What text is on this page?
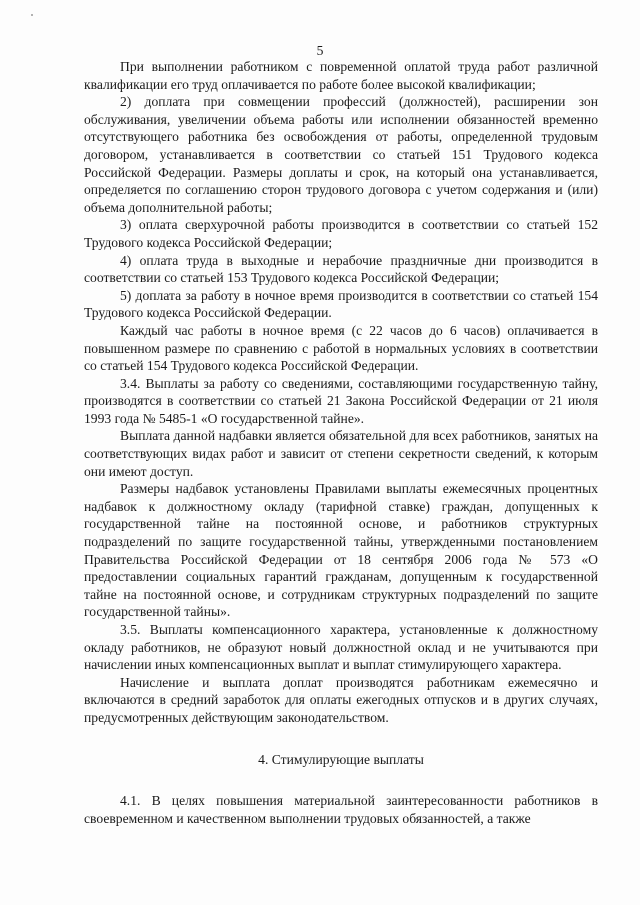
5

При выполнении работником с повременной оплатой труда работ различной квалификации его труд оплачивается по работе более высокой квалификации;

2) доплата при совмещении профессий (должностей), расширении зон обслуживания, увеличении объема работы или исполнении обязанностей временно отсутствующего работника без освобождения от работы, определенной трудовым договором, устанавливается в соответствии со статьей 151 Трудового кодекса Российской Федерации. Размеры доплаты и срок, на который она устанавливается, определяется по соглашению сторон трудового договора с учетом содержания и (или) объема дополнительной работы;

3) оплата сверхурочной работы производится в соответствии со статьей 152 Трудового кодекса Российской Федерации;

4) оплата труда в выходные и нерабочие праздничные дни производится в соответствии со статьей 153 Трудового кодекса Российской Федерации;

5) доплата за работу в ночное время производится в соответствии со статьей 154 Трудового кодекса Российской Федерации.

Каждый час работы в ночное время (с 22 часов до 6 часов) оплачивается в повышенном размере по сравнению с работой в нормальных условиях в соответствии со статьей 154 Трудового кодекса Российской Федерации.

3.4. Выплаты за работу со сведениями, составляющими государственную тайну, производятся в соответствии со статьей 21 Закона Российской Федерации от 21 июля 1993 года № 5485-1 «О государственной тайне».

Выплата данной надбавки является обязательной для всех работников, занятых на соответствующих видах работ и зависит от степени секретности сведений, к которым они имеют доступ.

Размеры надбавок установлены Правилами выплаты ежемесячных процентных надбавок к должностному окладу (тарифной ставке) граждан, допущенных к государственной тайне на постоянной основе, и работников структурных подразделений по защите государственной тайны, утвержденными постановлением Правительства Российской Федерации от 18 сентября 2006 года № 573 «О предоставлении социальных гарантий гражданам, допущенным к государственной тайне на постоянной основе, и сотрудникам структурных подразделений по защите государственной тайны».

3.5. Выплаты компенсационного характера, установленные к должностному окладу работников, не образуют новый должностной оклад и не учитываются при начислении иных компенсационных выплат и выплат стимулирующего характера.

Начисление и выплата доплат производятся работникам ежемесячно и включаются в средний заработок для оплаты ежегодных отпусков и в других случаях, предусмотренных действующим законодательством.

4. Стимулирующие выплаты

4.1. В целях повышения материальной заинтересованности работников в своевременном и качественном выполнении трудовых обязанностей, а также
